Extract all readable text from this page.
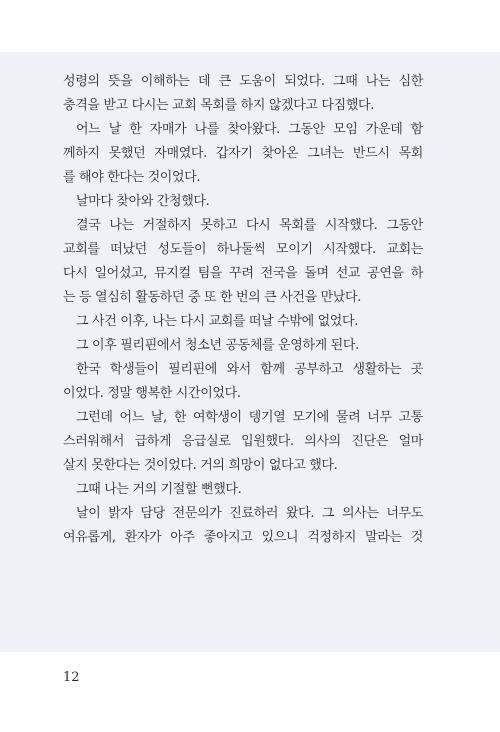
성령의 뜻을 이해하는 데 큰 도움이 되었다. 그때 나는 심한

충격을 받고 다시는 교회 목회를 하지 않겠다고 다짐했다.

어느 날 한 자매가 나를 찾아왔다. 그동안 모임 가운데 함

께하지 못했던 자매였다. 갑자기 찾아온 그녀는 반드시 목회

를 해야 한다는 것이었다.

날마다 찾아와 간청했다.

결국 나는 거절하지 못하고 다시 목회를 시작했다. 그동안

교회를 떠났던 성도들이 하나둘씩 모이기 시작했다. 교회는

다시 일어섰고, 뮤지컬 팀을 꾸려 전국을 돌며 선교 공연을 하

는 등 열심히 활동하던 중 또 한 번의 큰 사건을 만났다.

그 사건 이후, 나는 다시 교회를 떠날 수밖에 없었다.

그 이후 필리핀에서 청소년 공동체를 운영하게 된다.

한국 학생들이 필리핀에 와서 함께 공부하고 생활하는 곳

이었다. 정말 행복한 시간이었다.

그런데 어느 날, 한 여학생이 뎅기열 모기에 물려 너무 고통

스러워해서 급하게 응급실로 입원했다. 의사의 진단은 얼마

살지 못한다는 것이었다. 거의 희망이 없다고 했다.

그때 나는 거의 기절할 뻔했다.

날이 밝자 담당 전문의가 진료하러 왔다. 그 의사는 너무도

여유롭게, 환자가 아주 좋아지고 있으니 걱정하지 말라는 것

12
